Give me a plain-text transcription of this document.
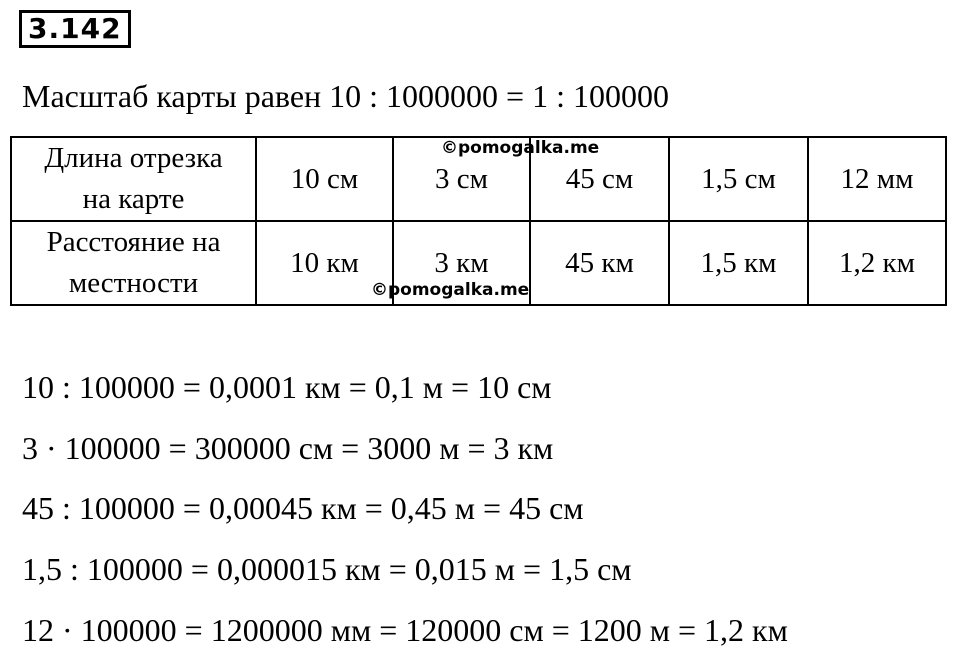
3.142
Масштаб карты равен 10 : 1000000 = 1 : 100000
Длина отрезка
на карте	10 см	3 см	45 см	1,5 см	12 мм
Расстояние на
местности	10 км	3 км	45 км	1,5 км	1,2 км
©pomogalka.me
©pomogalka.me
10 : 100000 = 0,0001 км = 0,1 м = 10 см
3 · 100000 = 300000 см = 3000 м = 3 км
45 : 100000 = 0,00045 км = 0,45 м = 45 см
1,5 : 100000 = 0,000015 км = 0,015 м = 1,5 см
12 · 100000 = 1200000 мм = 120000 см = 1200 м = 1,2 км
